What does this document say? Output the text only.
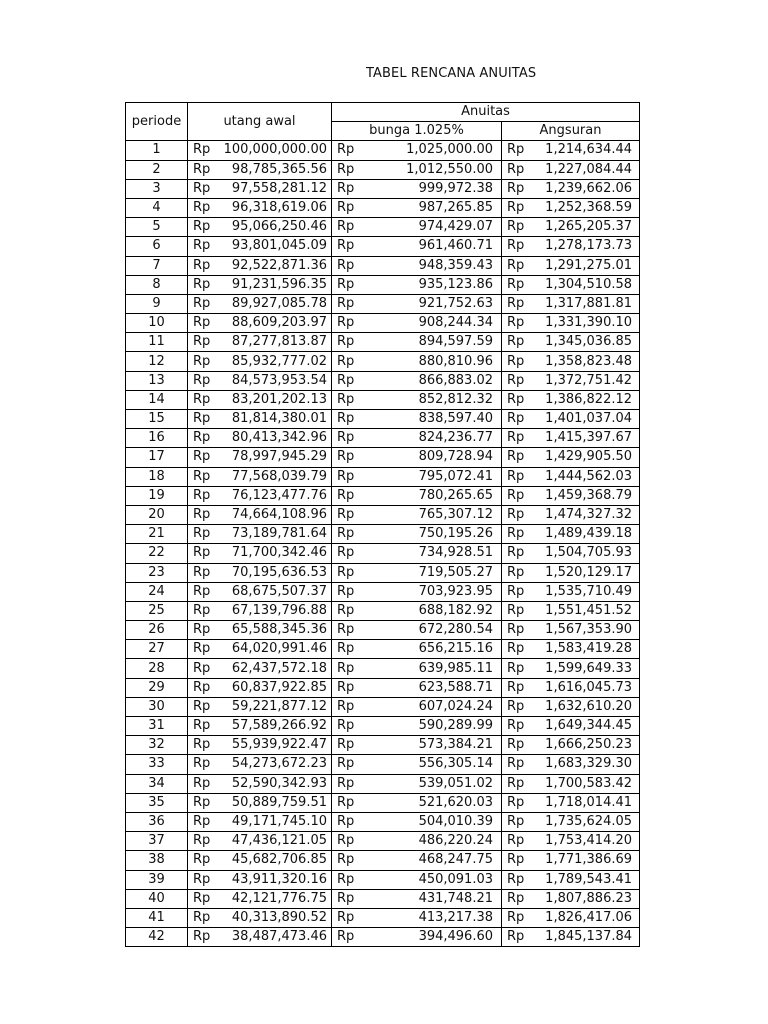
TABEL RENCANA ANUITAS
periode	utang awal	Anuitas	
		bunga 1.025%	Angsuran
1	Rp 100,000,000.00	Rp 1,025,000.00	Rp 1,214,634.44

2	Rp 98,785,365.56	Rp 1,012,550.00	Rp 1,227,084.44

3	Rp 97,558,281.12	Rp 999,972.38	Rp 1,239,662.06

4	Rp 96,318,619.06	Rp 987,265.85	Rp 1,252,368.59

5	Rp 95,066,250.46	Rp 974,429.07	Rp 1,265,205.37

6	Rp 93,801,045.09	Rp 961,460.71	Rp 1,278,173.73

7	Rp 92,522,871.36	Rp 948,359.43	Rp 1,291,275.01

8	Rp 91,231,596.35	Rp 935,123.86	Rp 1,304,510.58

9	Rp 89,927,085.78	Rp 921,752.63	Rp 1,317,881.81

10	Rp 88,609,203.97	Rp 908,244.34	Rp 1,331,390.10

11	Rp 87,277,813.87	Rp 894,597.59	Rp 1,345,036.85

12	Rp 85,932,777.02	Rp 880,810.96	Rp 1,358,823.48

13	Rp 84,573,953.54	Rp 866,883.02	Rp 1,372,751.42

14	Rp 83,201,202.13	Rp 852,812.32	Rp 1,386,822.12

15	Rp 81,814,380.01	Rp 838,597.40	Rp 1,401,037.04

16	Rp 80,413,342.96	Rp 824,236.77	Rp 1,415,397.67

17	Rp 78,997,945.29	Rp 809,728.94	Rp 1,429,905.50

18	Rp 77,568,039.79	Rp 795,072.41	Rp 1,444,562.03

19	Rp 76,123,477.76	Rp 780,265.65	Rp 1,459,368.79

20	Rp 74,664,108.96	Rp 765,307.12	Rp 1,474,327.32

21	Rp 73,189,781.64	Rp 750,195.26	Rp 1,489,439.18

22	Rp 71,700,342.46	Rp 734,928.51	Rp 1,504,705.93

23	Rp 70,195,636.53	Rp 719,505.27	Rp 1,520,129.17

24	Rp 68,675,507.37	Rp 703,923.95	Rp 1,535,710.49

25	Rp 67,139,796.88	Rp 688,182.92	Rp 1,551,451.52

26	Rp 65,588,345.36	Rp 672,280.54	Rp 1,567,353.90

27	Rp 64,020,991.46	Rp 656,215.16	Rp 1,583,419.28

28	Rp 62,437,572.18	Rp 639,985.11	Rp 1,599,649.33

29	Rp 60,837,922.85	Rp 623,588.71	Rp 1,616,045.73

30	Rp 59,221,877.12	Rp 607,024.24	Rp 1,632,610.20

31	Rp 57,589,266.92	Rp 590,289.99	Rp 1,649,344.45

32	Rp 55,939,922.47	Rp 573,384.21	Rp 1,666,250.23

33	Rp 54,273,672.23	Rp 556,305.14	Rp 1,683,329.30

34	Rp 52,590,342.93	Rp 539,051.02	Rp 1,700,583.42

35	Rp 50,889,759.51	Rp 521,620.03	Rp 1,718,014.41

36	Rp 49,171,745.10	Rp 504,010.39	Rp 1,735,624.05

37	Rp 47,436,121.05	Rp 486,220.24	Rp 1,753,414.20

38	Rp 45,682,706.85	Rp 468,247.75	Rp 1,771,386.69

39	Rp 43,911,320.16	Rp 450,091.03	Rp 1,789,543.41

40	Rp 42,121,776.75	Rp 431,748.21	Rp 1,807,886.23

41	Rp 40,313,890.52	Rp 413,217.38	Rp 1,826,417.06

42	Rp 38,487,473.46	Rp 394,496.60	Rp 1,845,137.84
